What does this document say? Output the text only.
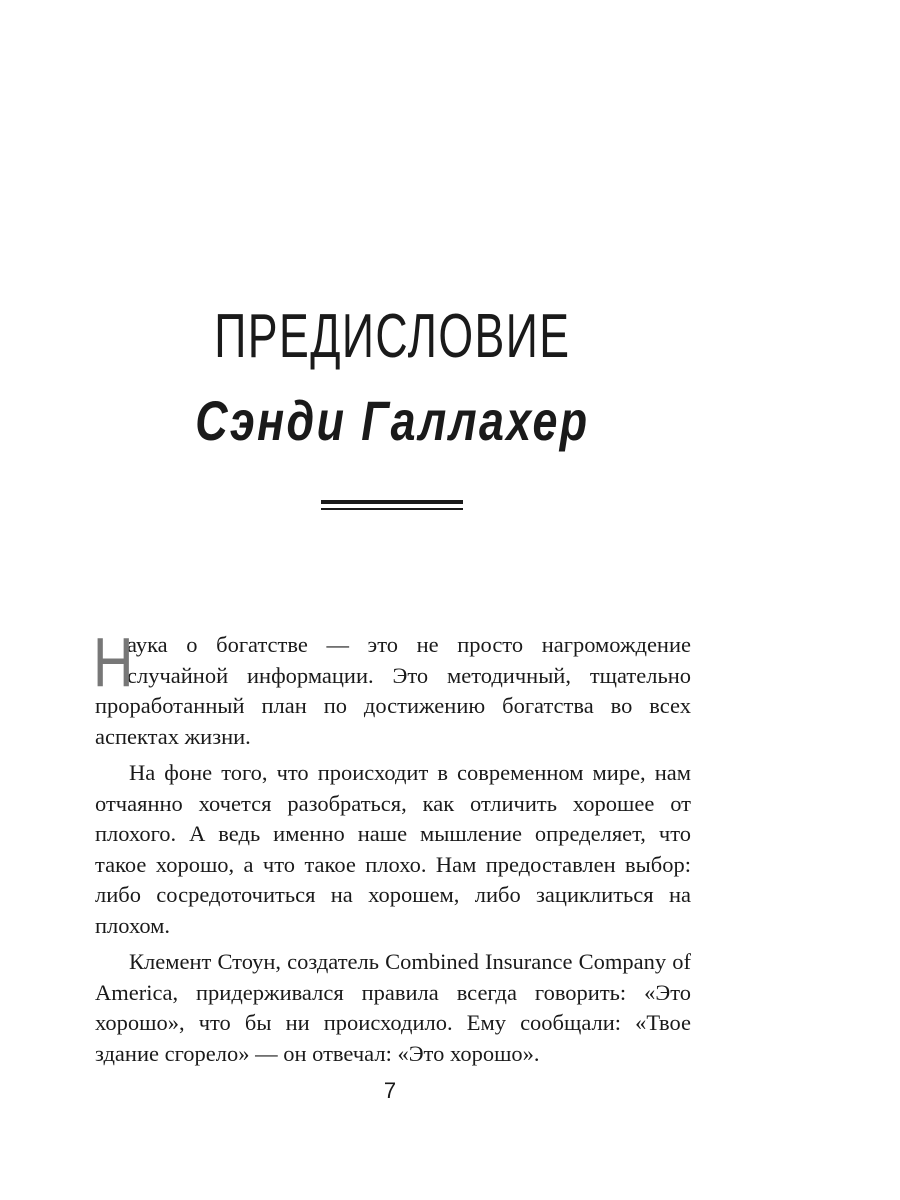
ПРЕДИСЛОВИЕ
Сэнди Галлахер

Н
аука о богатстве — это не просто нагромождение случайной информации. Это методичный, тщательно проработанный план по достижению богатства во всех аспектах жизни.

На фоне того, что происходит в современном мире, нам отчаянно хочется разобраться, как отличить хорошее от плохого. А ведь именно наше мышление определяет, что такое хорошо, а что такое плохо. Нам предоставлен выбор: либо сосредоточиться на хорошем, либо зациклиться на плохом.

Клемент Стоун, создатель Combined Insurance Company of America, придерживался правила всегда говорить: «Это хорошо», что бы ни происходило. Ему сообщали: «Твое здание сгорело» — он отвечал: «Это хорошо».

7
